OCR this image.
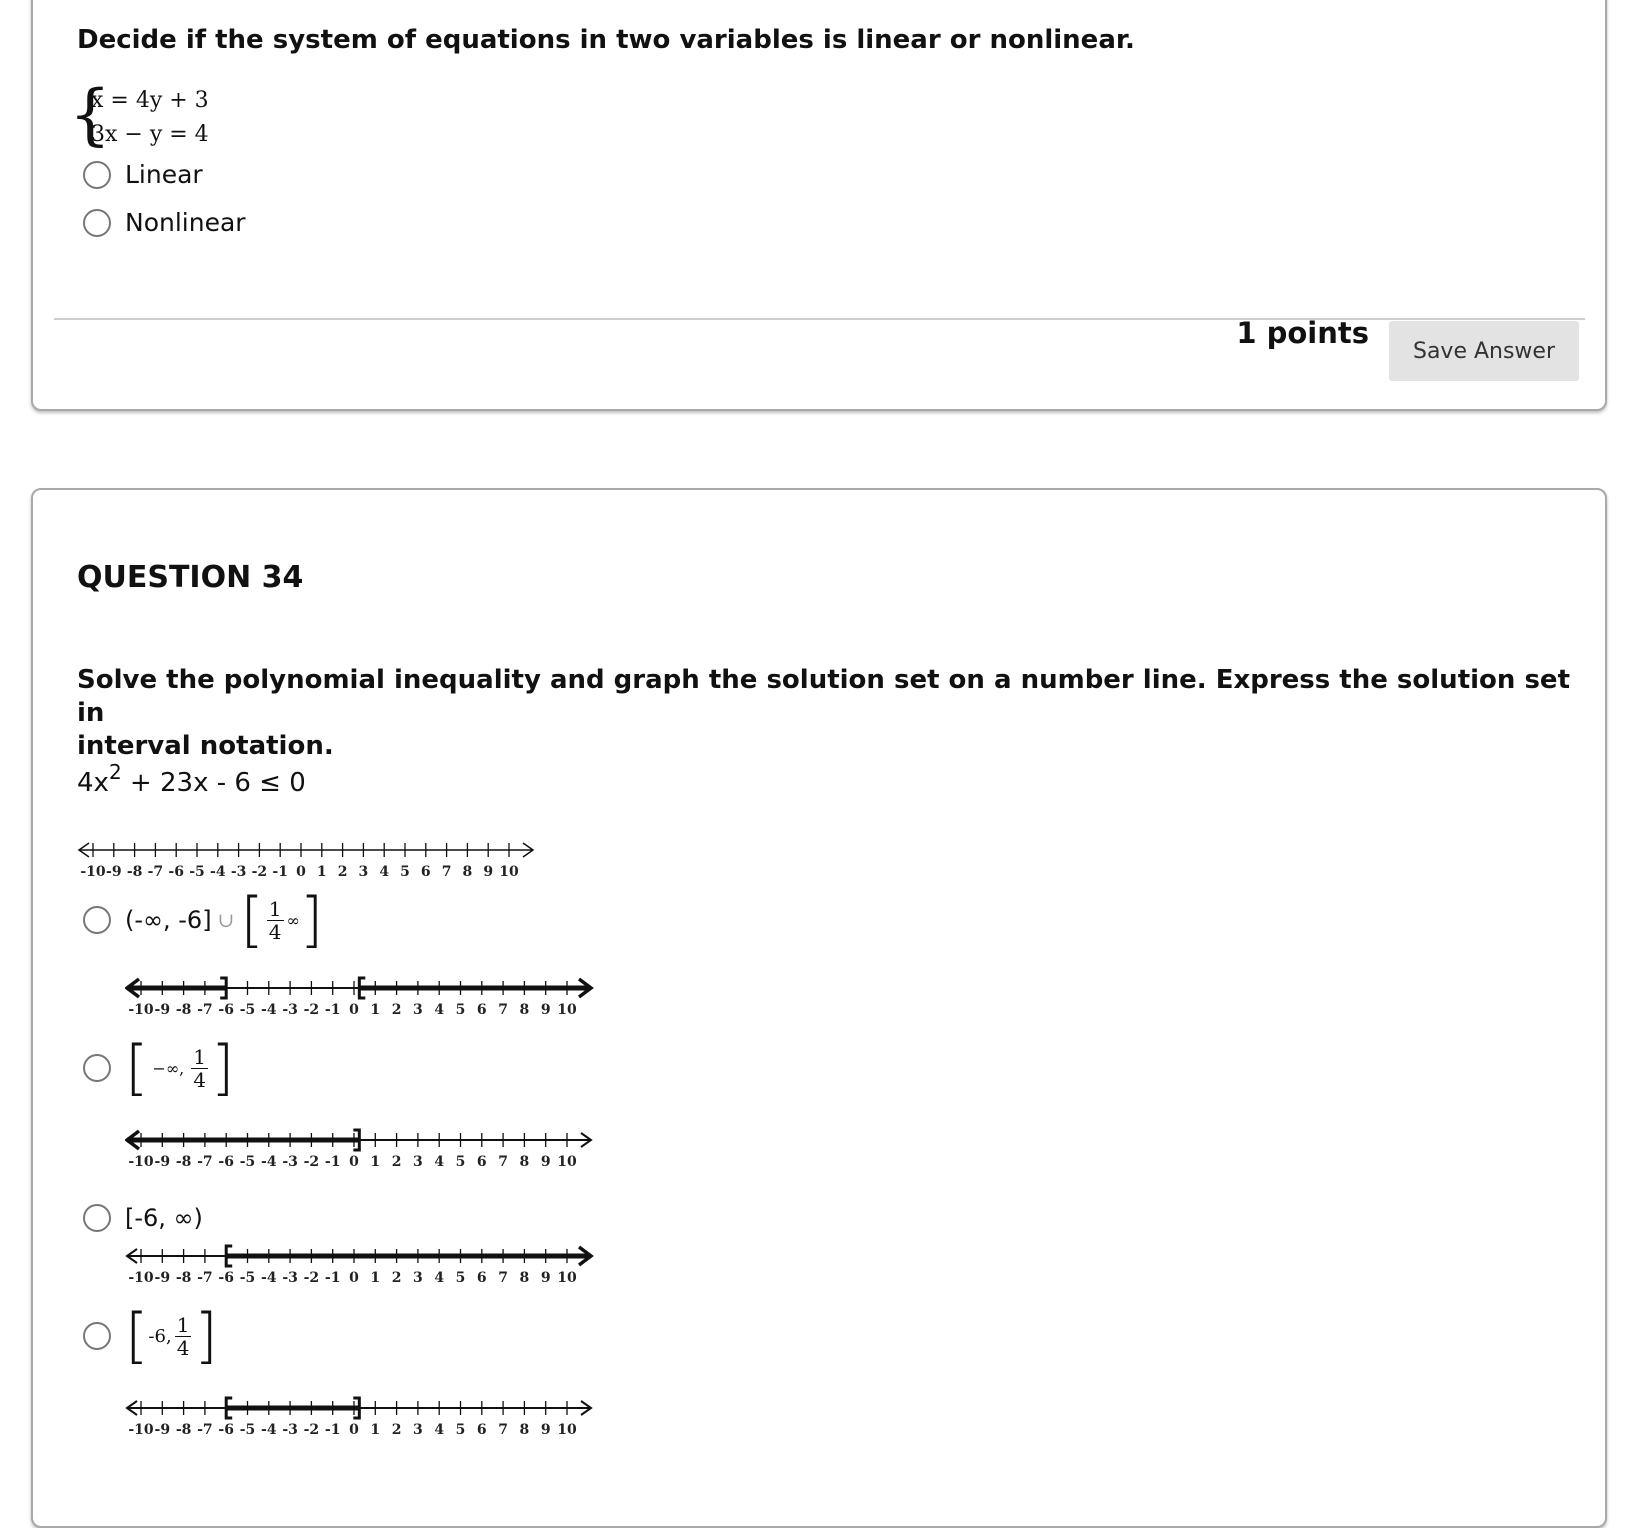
Decide if the system of equations in two variables is linear or nonlinear.
{
x = 4y + 3
3x − y = 4
Linear
Nonlinear
1 points
Save Answer
QUESTION 34
Solve the polynomial inequality and graph the solution set on a number line. Express the solution set in
interval notation.
$4x^2 + 23x - 6 \le 0$
-10 -9 -8 -7 -6 -5 -4 -3 -2 -1 0 1 2 3 4 5 6 7 8 9 10
(-∞, -6] ∪ [ $\frac{1}{4}$ ∞ ]
-10 -9 -8 -7 -6 -5 -4 -3 -2 -1 0 1 2 3 4 5 6 7 8 9 10
[ −∞, $\frac{1}{4}$ ]
-10 -9 -8 -7 -6 -5 -4 -3 -2 -1 0 1 2 3 4 5 6 7 8 9 10
[-6, ∞)
-10 -9 -8 -7 -6 -5 -4 -3 -2 -1 0 1 2 3 4 5 6 7 8 9 10
[ -6, $\frac{1}{4}$ ]
-10 -9 -8 -7 -6 -5 -4 -3 -2 -1 0 1 2 3 4 5 6 7 8 9 10
